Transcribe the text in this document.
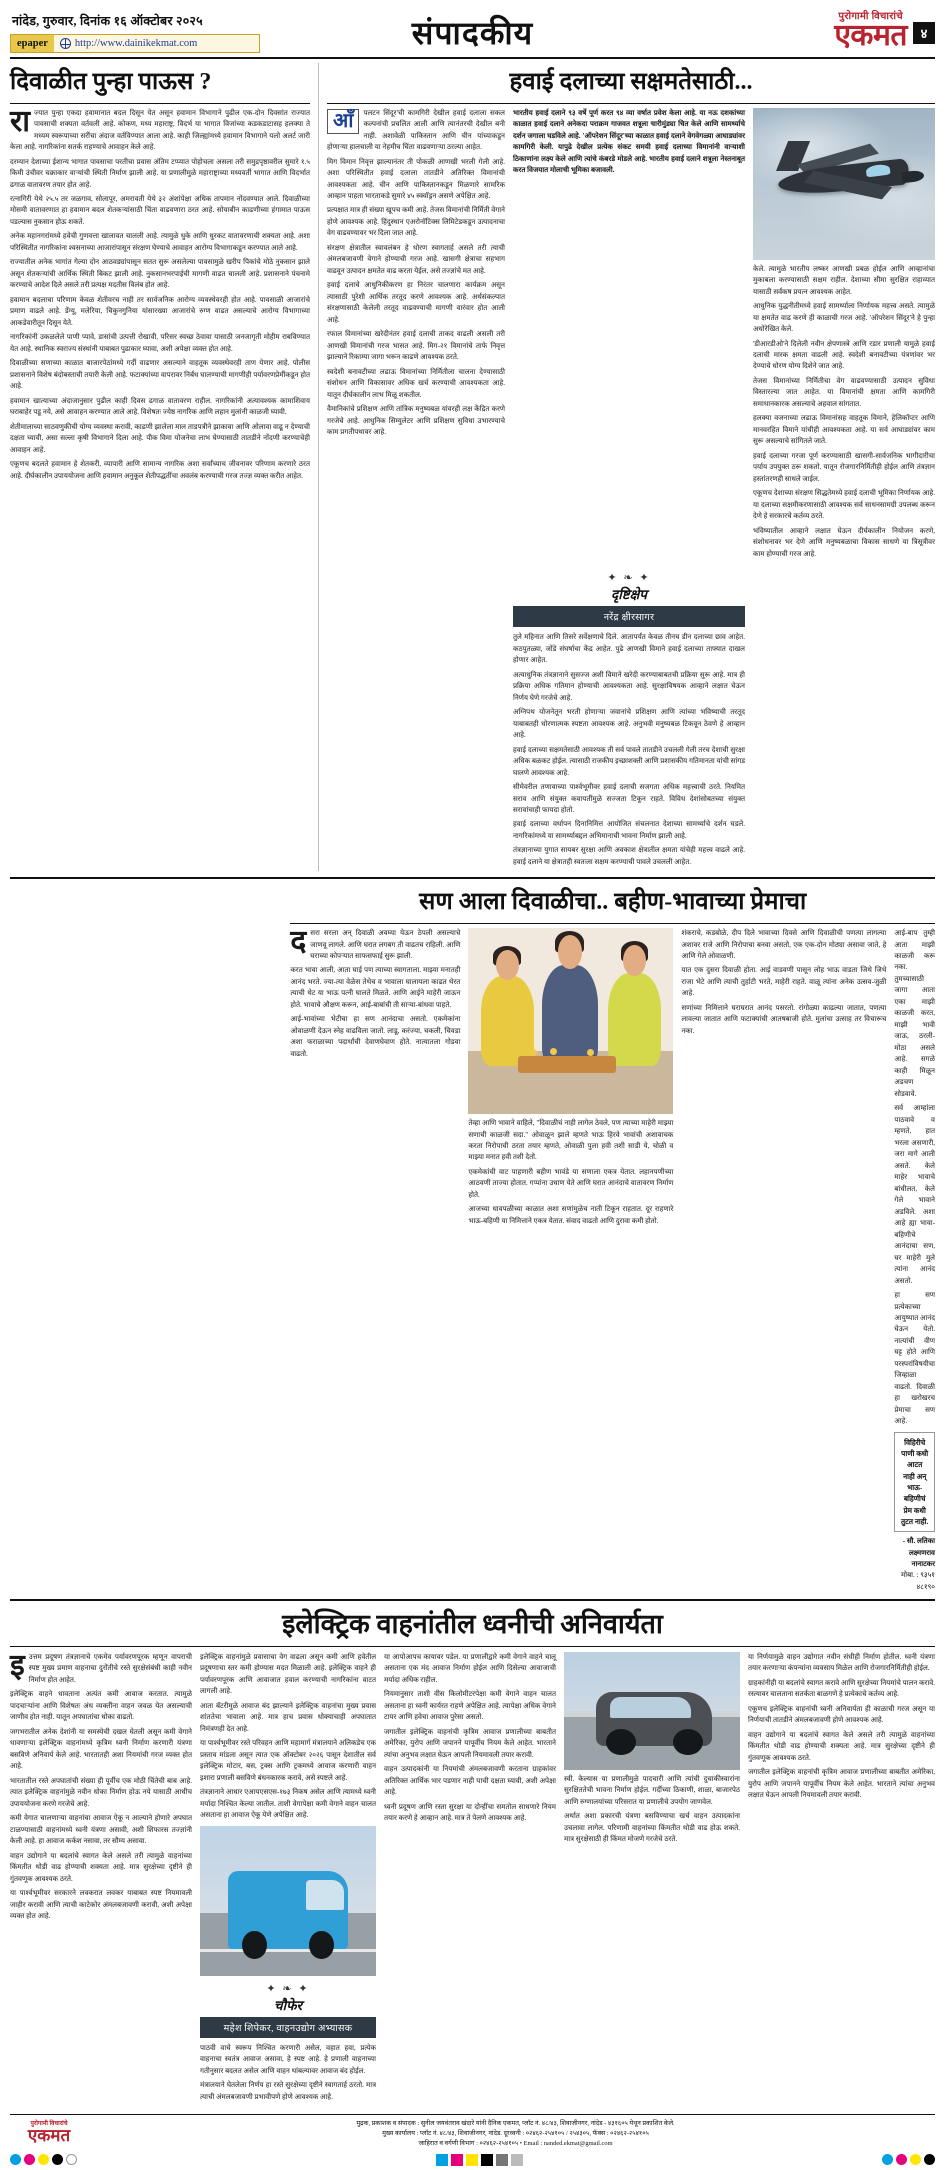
नांदेड, गुरुवार, दिनांक १६ ऑक्टोबर २०२५
epaper	http://www.dainikekmat.com	संपादकीय	पुरोगामी विचारांचे
एकमत	४
दिवाळीत पुन्हा पाऊस ?
रा ज्यात पुन्हा एकदा हवामानात बदल दिसून येत असून हवामान विभागाने पुढील एक-दोन दिवसांत राज्यात पावसाची शक्यता वर्तवली आहे. कोकण, मध्य महाराष्ट्र, विदर्भ या भागात विजांच्या कडकडाटासह हलक्या ते मध्यम स्वरूपाच्या सरींचा अंदाज वर्तविण्यात आला आहे. काही जिल्ह्यांमध्ये हवामान विभागाने यलो अलर्ट जारी केला आहे. नागरिकांना सतर्क राहण्याचे आवाहन केले आहे.

दरम्यान देशाच्या ईशान्य भागात पावसाचा परतीचा प्रवास अंतिम टप्प्यात पोहोचला असला तरी समुद्रपृष्ठावरील सुमारे १.५ किमी उंचीवर चक्राकार वाऱ्यांची स्थिती निर्माण झाली आहे. या प्रणालीमुळे महाराष्ट्राच्या मध्यवर्ती भागात आणि विदर्भात ढगाळ वातावरण तयार होत आहे.

रत्नागिरी येथे २५.५ तर जळगाव, सोलापूर, अमरावती येथे ३२ अंशांपेक्षा अधिक तापमान नोंदवण्यात आले. दिवाळीच्या मोसमी वातावरणात हा हवामान बदल शेतकऱ्यांसाठी चिंता वाढवणारा ठरत आहे. सोयाबीन काढणीच्या हंगामात पाऊस पडल्यास नुकसान होऊ शकते.

अनेक महानगरांमध्ये हवेची गुणवत्ता खालावत चालली आहे. त्यामुळे धुके आणि धुरकट वातावरणाची शक्यता आहे. अशा परिस्थितीत नागरिकांना श्वसनाच्या आजारांपासून संरक्षण घेण्याचे आवाहन आरोग्य विभागाकडून करण्यात आले आहे.

राज्यातील अनेक भागांत गेल्या दोन आठवड्यांपासून सतत सुरू असलेल्या पावसामुळे खरीप पिकांचे मोठे नुकसान झाले असून शेतकऱ्यांची आर्थिक स्थिती बिकट झाली आहे. नुकसानभरपाईची मागणी वाढत चालली आहे. प्रशासनाने पंचनामे करण्याचे आदेश दिले असले तरी प्रत्यक्ष मदतीस विलंब होत आहे.

हवामान बदलाचा परिणाम केवळ शेतीवरच नाही तर सार्वजनिक आरोग्य व्यवस्थेवरही होत आहे. पावसाळी आजारांचे प्रमाण वाढले आहे. डेंग्यू, मलेरिया, चिकुनगुनिया यांसारख्या आजारांचे रुग्ण वाढत असल्याचे आरोग्य विभागाच्या आकडेवारीतून दिसून येते.

नागरिकांनी उकळलेले पाणी प्यावे, डासांची उत्पत्ती रोखावी, परिसर स्वच्छ ठेवावा यासाठी जनजागृती मोहीम राबविण्यात येत आहे. स्थानिक स्वराज्य संस्थांनी याबाबत पुढाकार घ्यावा, अशी अपेक्षा व्यक्त होत आहे.

दिवाळीच्या सणाच्या काळात बाजारपेठांमध्ये गर्दी वाढणार असल्याने वाहतूक व्यवस्थेवरही ताण येणार आहे. पोलीस प्रशासनाने विशेष बंदोबस्ताची तयारी केली आहे. फटाक्यांच्या वापरावर निर्बंध घालण्याची मागणीही पर्यावरणप्रेमींकडून होत आहे.

हवामान खात्याच्या अंदाजानुसार पुढील काही दिवस ढगाळ वातावरण राहील. नागरिकांनी अत्यावश्यक कामाशिवाय घराबाहेर पडू नये, असे आवाहन करण्यात आले आहे. विशेषतः ज्येष्ठ नागरिक आणि लहान मुलांनी काळजी घ्यावी.

शेतीमालाच्या साठवणुकीची योग्य व्यवस्था करावी, काढणी झालेला माल ताडपत्रीने झाकावा आणि ओलावा वाढू न देण्याची दक्षता घ्यावी, असा सल्ला कृषी विभागाने दिला आहे. पीक विमा योजनेचा लाभ घेण्यासाठी तातडीने नोंदणी करण्याचेही आवाहन आहे.

एकूणच बदलते हवामान हे शेतकरी, व्यापारी आणि सामान्य नागरिक अशा सर्वांच्याच जीवनावर परिणाम करणारे ठरत आहे. दीर्घकालीन उपाययोजना आणि हवामान अनुकूल शेतीपद्धतींचा अवलंब करण्याची गरज तज्ज्ञ व्यक्त करीत आहेत.

हवाई दलाच्या सक्षमतेसाठी...
आँ	पलटन सिंदूर'ची कामगिरी देखील हवाई दलाला सकल कल्पनांची प्रचलित आली आणि त्यानंतरची देखील बनी नाही. अशावेळी पाकिस्तान आणि चीन यांच्याकडून होणाऱ्या हालचाली या नेहमीच चिंता वाढवणाऱ्या ठरल्या आहेत.

मिग विमान निवृत्त झाल्यानंतर ती पोकळी आणखी भरली गेली आहे. अशा परिस्थितीत हवाई दलाला तातडीने अतिरिक्त विमानांची आवश्यकता आहे. चीन आणि पाकिस्तानकडून मिळणारे सामरिक आव्हान पाहता भारताकडे सुमारे ४५ स्क्वॉड्रन असणे अपेक्षित आहे.

प्रत्यक्षात मात्र ही संख्या खूपच कमी आहे. तेजस विमानांची निर्मिती वेगाने होणे आवश्यक आहे. हिंदुस्थान एअरोनॉटिक्स लिमिटेडकडून उत्पादनाचा वेग वाढवण्यावर भर दिला जात आहे.

संरक्षण क्षेत्रातील स्वावलंबन हे धोरण स्वागतार्ह असले तरी त्याची अंमलबजावणी वेगाने होण्याची गरज आहे. खासगी क्षेत्राचा सहभाग वाढवून उत्पादन क्षमतेत वाढ करता येईल, असे तज्ज्ञांचे मत आहे.

हवाई दलाचे आधुनिकीकरण हा निरंतर चालणारा कार्यक्रम असून त्यासाठी पुरेशी आर्थिक तरतूद करणे आवश्यक आहे. अर्थसंकल्पात संरक्षणासाठी केलेली तरतूद वाढवण्याची मागणी वारंवार होत आली आहे.

रफाल विमानांच्या खरेदीनंतर हवाई दलाची ताकद वाढली असली तरी आणखी विमानांची गरज भासत आहे. मिग-२१ विमानांचे ताफे निवृत्त झाल्याने रिकाम्या जागा भरून काढणे आवश्यक ठरते.

स्वदेशी बनावटीच्या लढाऊ विमानांच्या निर्मितीला चालना देण्यासाठी संशोधन आणि विकासावर अधिक खर्च करण्याची आवश्यकता आहे. यातून दीर्घकालीन लाभ मिळू शकतील.

वैमानिकांचे प्रशिक्षण आणि तांत्रिक मनुष्यबळ यांवरही लक्ष केंद्रित करणे गरजेचे आहे. आधुनिक सिम्युलेटर आणि प्रशिक्षण सुविधा उभारण्याचे काम प्रगतीपथावर आहे.

भारतीय हवाई दलाने ९३ वर्षे पूर्ण करत ९४ व्या वर्षात प्रवेश केला आहे. या नऊ दशकांच्या काळात हवाई दलाने अनेकदा पराक्रम गाजवत शत्रूला चारीमुंड्या चित केले आणि सामर्थ्याचे दर्शन जगाला घडविले आहे. 'ऑपरेशन सिंदूर'च्या काळात हवाई दलाने वेगवेगळ्या आघाड्यांवर कामगिरी केली. यापुढे देखील प्रत्येक संकट समयी हवाई दलाच्या विमानांनी वाऱ्याशी ठिकाणांना लक्ष्य केले आणि त्यांचे कंबरडे मोडले आहे. भारतीय हवाई दलाने शत्रूला नेस्तनाबूत करत विजयात मोलाची भूमिका बजावली.

केले. त्यामुळे भारतीय लष्कर आणखी प्रबळ होईल आणि आव्हानांचा मुकाबला करण्यासाठी सक्षम राहील. देशाच्या सीमा सुरक्षित राहाव्यात यासाठी सर्वंकष प्रयत्न आवश्यक आहेत.

आधुनिक युद्धनीतीमध्ये हवाई सामर्थ्याला निर्णायक महत्त्व असते. त्यामुळे या क्षमतेत वाढ करणे ही काळाची गरज आहे. 'ऑपरेशन सिंदूर'ने हे पुन्हा अधोरेखित केले.

'डीआरडीओ'ने दिलेली नवीन क्षेपणास्त्रे आणि रडार प्रणाली यामुळे हवाई दलाची मारक क्षमता वाढली आहे. स्वदेशी बनावटीच्या यंत्रणांवर भर देण्याचे धोरण योग्य दिशेने जात आहे.

तेजस विमानांच्या निर्मितीचा वेग वाढवण्यासाठी उत्पादन सुविधा विस्तारल्या जात आहेत. या विमानांची क्षमता आणि कामगिरी समाधानकारक असल्याचे अहवाल सांगतात.

हलक्या वजनाच्या लढाऊ विमानांसह वाहतूक विमाने, हेलिकॉप्टर आणि मानवरहित विमाने यांचीही आवश्यकता आहे. या सर्व आघाड्यांवर काम सुरू असल्याचे सांगितले जाते.

हवाई दलाच्या गरजा पूर्ण करण्यासाठी खासगी-सार्वजनिक भागीदारीचा पर्याय उपयुक्त ठरू शकतो. यातून रोजगारनिर्मितीही होईल आणि तंत्रज्ञान हस्तांतरणही साधले जाईल.

एकूणच देशाच्या संरक्षण सिद्धतेमध्ये हवाई दलाची भूमिका निर्णायक आहे. या दलाच्या सक्षमीकरणासाठी आवश्यक सर्व साधनसामग्री उपलब्ध करून देणे हे सरकारचे कर्तव्य ठरते.

भविष्यातील आव्हाने लक्षात घेऊन दीर्घकालीन नियोजन करणे, संशोधनावर भर देणे आणि मनुष्यबळाचा विकास साधणे या त्रिसूत्रीवर काम होण्याची गरज आहे.

✦ ❧ ✦
दृष्टिक्षेप
नरेंद्र क्षीरसागर

तुले महिनात आणि तिसरे सर्वेक्षणाचे दिले. आतापर्यंत केवळ तीनच डीन दलाच्या छाव आहेत. कठपुतळ्या, जोंडे संघर्षाचा केंद्र आहेत. पुढे आणखी विमाने हवाई दलाच्या ताफ्यात दाखल होणार आहेत.

अत्याधुनिक तंत्रज्ञानाने सुसज्ज अशी विमाने खरेदी करण्याबाबतची प्रक्रिया सुरू आहे. मात्र ही प्रक्रिया अधिक गतिमान होण्याची आवश्यकता आहे. सुरक्षाविषयक आव्हाने लक्षात घेऊन निर्णय घेणे गरजेचे आहे.

अग्निपथ योजनेतून भरती होणाऱ्या जवानांचे प्रशिक्षण आणि त्यांच्या भविष्याची तरतूद याबाबतही धोरणात्मक स्पष्टता आवश्यक आहे. अनुभवी मनुष्यबळ टिकवून ठेवणे हे आव्हान आहे.

हवाई दलाच्या सक्षमतेसाठी आवश्यक ती सर्व पावले तातडीने उचलली गेली तरच देशाची सुरक्षा अधिक बळकट होईल. त्यासाठी राजकीय इच्छाशक्ती आणि प्रशासकीय गतिमानता यांची सांगड घालणे आवश्यक आहे.

सीमेवरील तणावाच्या पार्श्वभूमीवर हवाई दलाची सजगता अधिक महत्त्वाची ठरते. नियमित सराव आणि संयुक्त कवायतींमुळे सज्जता टिकून राहते. विविध देशांसोबतच्या संयुक्त सरावांचाही फायदा होतो.

हवाई दलाच्या वर्धापन दिनानिमित्त आयोजित संचलनात देशाच्या सामर्थ्याचे दर्शन घडले. नागरिकांमध्ये या सामर्थ्याबद्दल अभिमानाची भावना निर्माण झाली आहे.

तंत्रज्ञानाच्या युगात सायबर सुरक्षा आणि अवकाश क्षेत्रातील क्षमता यांचेही महत्त्व वाढले आहे. हवाई दलाने या क्षेत्रातही स्वतःला सक्षम करण्याची पावले उचलली आहेत.

सण आला दिवाळीचा.. बहीण-भावाच्या प्रेमाचा
द सरा सरला अन् दिवाळी अवघ्या येऊन ठेपली असल्याचे जाणवू लागले. आणि घरात लगबग ती वाढतच राहिली. आणि घराच्या कोपऱ्यात साफसफाई सुरू झाली.

करत भावा आली, आता घाई पण त्याच्या स्वागताला. माझ्या मनातही आनंद भरते. ज्या-त्या वेळेस तेथेच व भावाला घालायला काढत थेरत त्याची थेट या भाऊ पत्नी घालते मिळते. आणि आईने माहेरी जाऊन होते. भावाचे औक्षण करून, आई-बाबांची ती सार्‍या-बांधवा पाहते.

आई-भावांच्या भेटीचा हा सण आनंदाचा असतो. एकमेकांना ओवाळणी देऊन स्नेह वाढविला जातो. लाडू, करंज्या, चकली, चिवडा अशा फराळाच्या पदार्थांची देवाणघेवाण होते. नात्यातला गोडवा वाढतो.

तेव्हा आणि भावाने वाहिले, "दिवाळीचं नाही लागेल ठेवले, पण त्याच्या माहेरी माझ्या सणाची काळजी सदा." ओवाळून झाले म्हणते भाऊ हिरवे भावांची अशावाचक करता निरोपाची ठरता तयार म्हणते, ओवाळी पुला हवी तशी साडी ये, चोळी व माझ्या मनात हवी तशी देतो.

एकमेकांची वाट पाहणारी बहीण भावंडे या सणाला एकत्र येतात. लहानपणीच्या आठवणी ताज्या होतात. गप्पांना उधाण येते आणि घरात आनंदाचे वातावरण निर्माण होते.

आजच्या धावपळीच्या काळात अशा सणांमुळेच नाती टिकून राहतात. दूर राहणारे भाऊ-बहिणी या निमित्ताने एकत्र येतात. संवाद वाढतो आणि दुरावा कमी होतो.

शंकराचे, कडबोळे, दीप दिले भावाच्या दिवसे आणि दिवाळीची पणत्या लागल्या अशावर राजे आणि निरोपाचा बनवा असतो, एक एक-दोन मोठ्या असावा जाते, हे आणि गेले ओवाळणी.

यात एक दुसरा दिवाळी होता. आई वाडवणी पासून लोह भाऊ वाडता जिथे जिथे राजा भेटे आणि त्याची तुर्हाटी भरते, माहेरी राहते. वाळू त्यांना अनेक उत्सव-जुळी आहे.

सणांच्या निमित्ताने घराघरात आनंद पसरतो. रांगोळ्या काढल्या जातात, पणत्या लावल्या जातात आणि फटाक्यांची आतषबाजी होते. मुलांचा उत्साह तर विचारूच नका.

आई-बाप तुम्ही आता माझी काळजी करू नका. तुमच्यासाठी जागा आता एका माझी काळजी करत, माझी भावी जाऊ, ठरली-मोठा असले आहे. सगळे काही मिळून अडचण सोडवावे.

सर्व आम्हांला पाठवावे व म्हणते, हात भरला असणारी, जरा मागे आली असते. केले माहेर भावाचे बांधीलत, केले गेले भावाने अडविले. अशा आहे ह्या भावा-बहिणीचे आनंदाचा सण, घर माहेरी मुले त्यांना आनंद असतो.

हा सण प्रत्येकाच्या आयुष्यात आनंद घेऊन येतो. नात्यांची वीण घट्ट होते आणि परस्परांविषयीचा जिव्हाळा वाढतो. दिवाळी हा खरोखरच प्रेमाचा सण आहे.

विहिरीचे पाणी कधी आटत नाही अन् भाऊ-बहिणीचं प्रेम कधी तुटत नाही.
- सौ. लतिका लक्ष्मणराव नानाटकर
मोबा. : ९३५१ ४८१९०
इलेक्ट्रिक वाहनांतील ध्वनीची अनिवार्यता
इ उत्तम प्रदूषण तंत्रज्ञानाचे एकमेव पर्यावरणपूरक म्हणून वापराची स्पष्ट मुख्य प्रमाण वाहनाचा दुरोंतीचे रस्ते सुरक्षेसंबंधी काही नवीन निर्माण होत आहेत.

इलेक्ट्रिक वाहने धावताना अत्यंत कमी आवाज करतात. त्यामुळे पादचाऱ्यांना आणि विशेषतः अंध व्यक्तींना वाहन जवळ येत असल्याची जाणीव होत नाही. यातून अपघातांचा धोका वाढतो.

जगभरातील अनेक देशांनी या समस्येची दखल घेतली असून कमी वेगाने धावणाऱ्या इलेक्ट्रिक वाहनांमध्ये कृत्रिम ध्वनी निर्माण करणारी यंत्रणा बसविणे अनिवार्य केले आहे. भारतातही अशा नियमांची गरज व्यक्त होत आहे.

भारतातील रस्ते अपघातांची संख्या ही पूर्वीच एक मोठी चिंतेची बाब आहे. त्यात इलेक्ट्रिक वाहनांमुळे नवीन धोका निर्माण होऊ नये यासाठी आधीच उपाययोजना करणे गरजेचे आहे.

कमी वेगात चालणाऱ्या वाहनांचा आवाज ऐकू न आल्याने होणारे अपघात टाळण्यासाठी वाहनांमध्ये ध्वनी यंत्रणा असावी, अशी शिफारस तज्ज्ञांनी केली आहे. हा आवाज कर्कश नसावा, तर सौम्य असावा.

वाहन उद्योगाने या बदलांचे स्वागत केले असले तरी त्यामुळे वाहनांच्या किंमतीत थोडी वाढ होण्याची शक्यता आहे. मात्र सुरक्षेच्या दृष्टीने ही गुंतवणूक आवश्यक ठरते.

या पार्श्वभूमीवर सरकारने लवकरात लवकर याबाबत स्पष्ट नियमावली जाहीर करावी आणि त्याची काटेकोर अंमलबजावणी करावी, अशी अपेक्षा व्यक्त होत आहे.

इलेक्ट्रिक वाहनांमुळे प्रवासाचा वेग वाढला असून कमी आणि हवेतील प्रदूषणाचा स्तर कमी होण्यास मदत मिळाली आहे. इलेक्ट्रिक वाहने ही पर्यावरणपूरक आणि आवाजात हवाल करण्याची नागरिकांना वाटत लागली आहे.

आता बॅटरीमुळे आवाज बंद झाल्याने इलेक्ट्रिक वाहनांचा मुख्य प्रवास शांततेचा भावाला आहे. मात्र हाच प्रवास धोक्याचाही अपघातात निमंत्रणही देत आहे.

या पार्श्वभूमीवर रस्ते परिवहन आणि महामार्ग मंत्रालयाने अलिकडेच एक प्रस्ताव मांडला असून त्यात एक ऑक्टोबर २०२६ पासून देशातील सर्व इलेक्ट्रिक मोटार, बस, ट्रक्स आणि ट्रकमध्ये आवाज करणारी वाहन इशारा प्रणाली बसविणे बंधनकारक करावे, असे स्पष्टले आहे.

तंत्रज्ञानाने आधार एआयएसएस-१७३ निकष असेल आणि त्यामध्ये ध्वनी मर्यादा निश्चित केल्या जातील. ताशी वेगापेक्षा कमी वेगाने वाहन चालत असताना हा आवाज ऐकू येणे अपेक्षित आहे.

✦ ❧ ✦
चौफेर
महेश शिपेकर, वाहनउद्योग अभ्यासक

पाठवी वाचे स्वरूप निश्चित करणारी असेल, वहात हवा, प्रत्येक वाहनाचा स्वतंत्र आवाज असावा, हे स्पष्ट आहे. हे प्रणाली वाहनाच्या गतीनुसार बदलत असेल आणि वाहन थांबल्यावर आवाज बंद होईल.

मंत्रालयाने घेतलेला निर्णय हा रस्ते सुरक्षेच्या दृष्टीने स्वागतार्ह ठरतो. मात्र त्याची अंमलबजावणी प्रभावीपणे होणे आवश्यक आहे.

या आपोआपच कायावर पडेल. या प्रणालीद्वारे कमी वेगाने वाहने चालू असताना एक मंद आवाज निर्माण होईल आणि दिसेल्या आवाजाची मर्यादा अधिक राहील.

नियमानुसार ताशी वीस किलोमीटरपेक्षा कमी वेगाने वाहन चालत असताना हा ध्वनी कार्यरत राहणे अपेक्षित आहे. त्यापेक्षा अधिक वेगाने टायर आणि हवेचा आवाज पुरेसा असतो.

जगातील इलेक्ट्रिक वाहनांची कृत्रिम आवाज प्रणालीच्या बाबतीत अमेरिका, युरोप आणि जपानने यापूर्वीच नियम केले आहेत. भारताने त्यांचा अनुभव लक्षात घेऊन आपली नियमावली तयार करावी.

वाहन उत्पादकांनी या नियमांची अंमलबजावणी करताना ग्राहकांवर अतिरिक्त आर्थिक भार पडणार नाही याची दक्षता घ्यावी, अशी अपेक्षा आहे.

ध्वनी प्रदूषण आणि रस्ता सुरक्षा या दोन्हींचा समतोल साधणारे नियम तयार करणे हे आव्हान आहे. मात्र ते पेलणे आवश्यक आहे.

स्वी. केल्यास या प्रणालीमुळे पादचारी आणि त्यांची दुचाकीस्वारांना सुरक्षिततेची भावना निर्माण होईल. गर्दीच्या ठिकाणी, शाळा, बाजारपेठ आणि रुग्णालयांच्या परिसरात या प्रणालीचे उपयोग जाणवेल.

अर्थात अशा प्रकारची यंत्रणा बसविण्याचा खर्च वाहन उत्पादकांना उचलावा लागेल. परिणामी वाहनांच्या किंमतीत थोडी वाढ होऊ शकते. मात्र सुरक्षेसाठी ही किंमत मोजणे गरजेचे ठरते.

या निर्णयामुळे वाहन उद्योगात नवीन संधीही निर्माण होतील. ध्वनी यंत्रणा तयार करणाऱ्या कंपन्यांना व्यवसाय मिळेल आणि रोजगारनिर्मितीही होईल.

ग्राहकांनीही या बदलांचे स्वागत करावे आणि सुरक्षेच्या नियमांचे पालन करावे. रस्त्यावर चालताना सतर्कता बाळगणे हे प्रत्येकाचे कर्तव्य आहे.

एकूणच इलेक्ट्रिक वाहनांची ध्वनी अनिवार्यता ही काळाची गरज असून या निर्णयाची तातडीने अंमलबजावणी होणे आवश्यक आहे.

वाहन उद्योगाने या बदलांचे स्वागत केले असले तरी त्यामुळे वाहनांच्या किंमतीत थोडी वाढ होण्याची शक्यता आहे. मात्र सुरक्षेच्या दृष्टीने ही गुंतवणूक आवश्यक ठरते.

जगातील इलेक्ट्रिक वाहनांची कृत्रिम आवाज प्रणालीच्या बाबतीत अमेरिका, युरोप आणि जपानने यापूर्वीच नियम केले आहेत. भारताने त्यांचा अनुभव लक्षात घेऊन आपली नियमावली तयार करावी.

पुरोगामी विचारांचे
एकमत
मुद्रक, प्रकाशक व संपादक : सुनील जयवंतराव खंदारे यांनी दैनिक एकमत, प्लॉट नं. ४८/४३, शिवाजीनगर, नांदेड - ४३१६०५ येथून प्रकाशित केले.
मुख्य कार्यालय : प्लॉट नं. ४८/४३, शिवाजीनगर, नांदेड. दूरध्वनी : ०२४६२-२५४१०५ / २५४३०५, फॅक्स : ०२४६२-२५४१०५
जाहिरात व वर्गणी विभाग : ०२४६२-२५४१०५ • Email : nanded.ekmat@gmail.com
